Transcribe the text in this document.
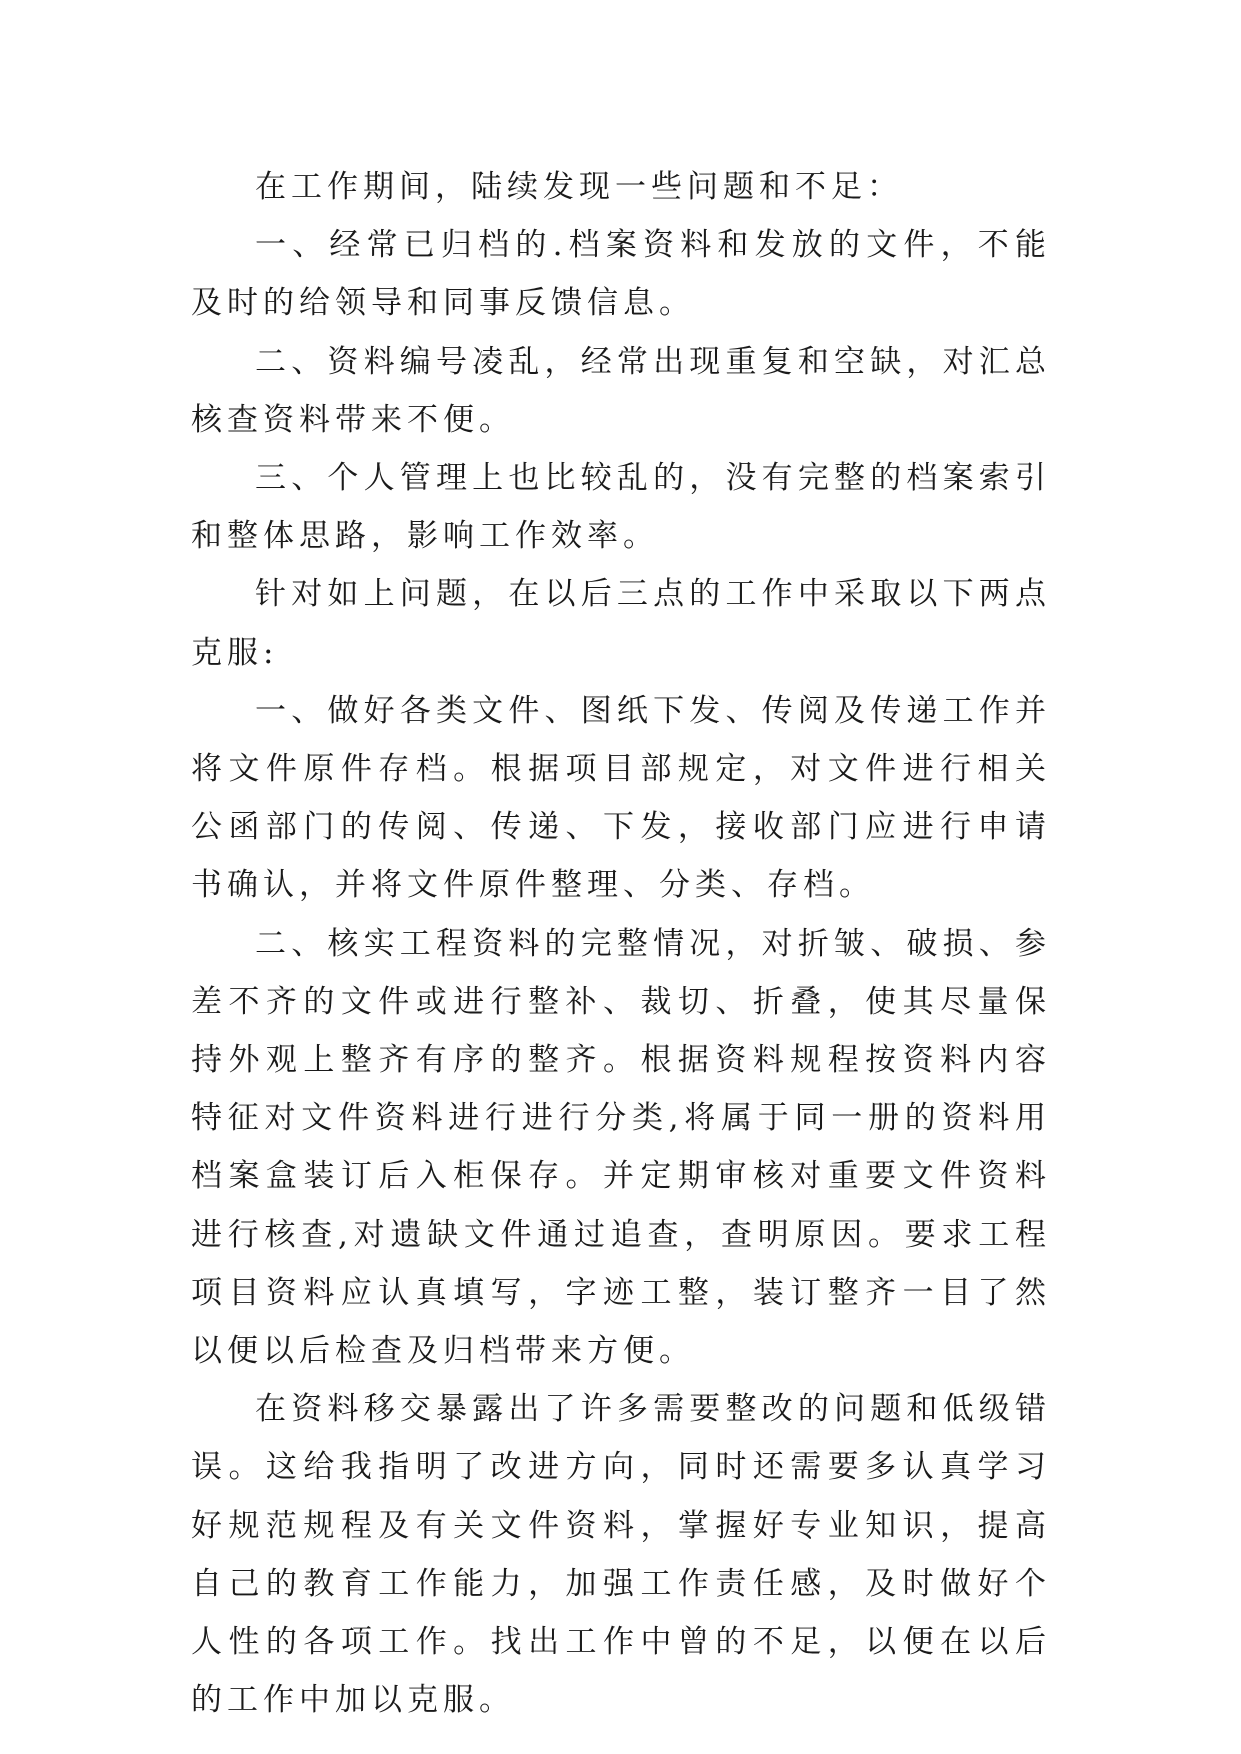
在工作期间，陆续发现一些问题和不足：

一、经常已归档的.档案资料和发放的文件，不能及时的给领导和同事反馈信息。

二、资料编号凌乱，经常出现重复和空缺，对汇总核查资料带来不便。

三、个人管理上也比较乱的，没有完整的档案索引和整体思路，影响工作效率。

针对如上问题，在以后三点的工作中采取以下两点克服:

一、做好各类文件、图纸下发、传阅及传递工作并将文件原件存档。根据项目部规定，对文件进行相关公函部门的传阅、传递、下发，接收部门应进行申请书确认，并将文件原件整理、分类、存档。

二、核实工程资料的完整情况，对折皱、破损、参差不齐的文件或进行整补、裁切、折叠，使其尽量保持外观上整齐有序的整齐。根据资料规程按资料内容特征对文件资料进行进行分类,将属于同一册的资料用档案盒装订后入柜保存。并定期审核对重要文件资料进行核查,对遗缺文件通过追查，查明原因。要求工程项目资料应认真填写，字迹工整，装订整齐一目了然以便以后检查及归档带来方便。

在资料移交暴露出了许多需要整改的问题和低级错误。这给我指明了改进方向，同时还需要多认真学习好规范规程及有关文件资料，掌握好专业知识，提高自己的教育工作能力，加强工作责任感，及时做好个人性的各项工作。找出工作中曾的不足，以便在以后的工作中加以克服。
